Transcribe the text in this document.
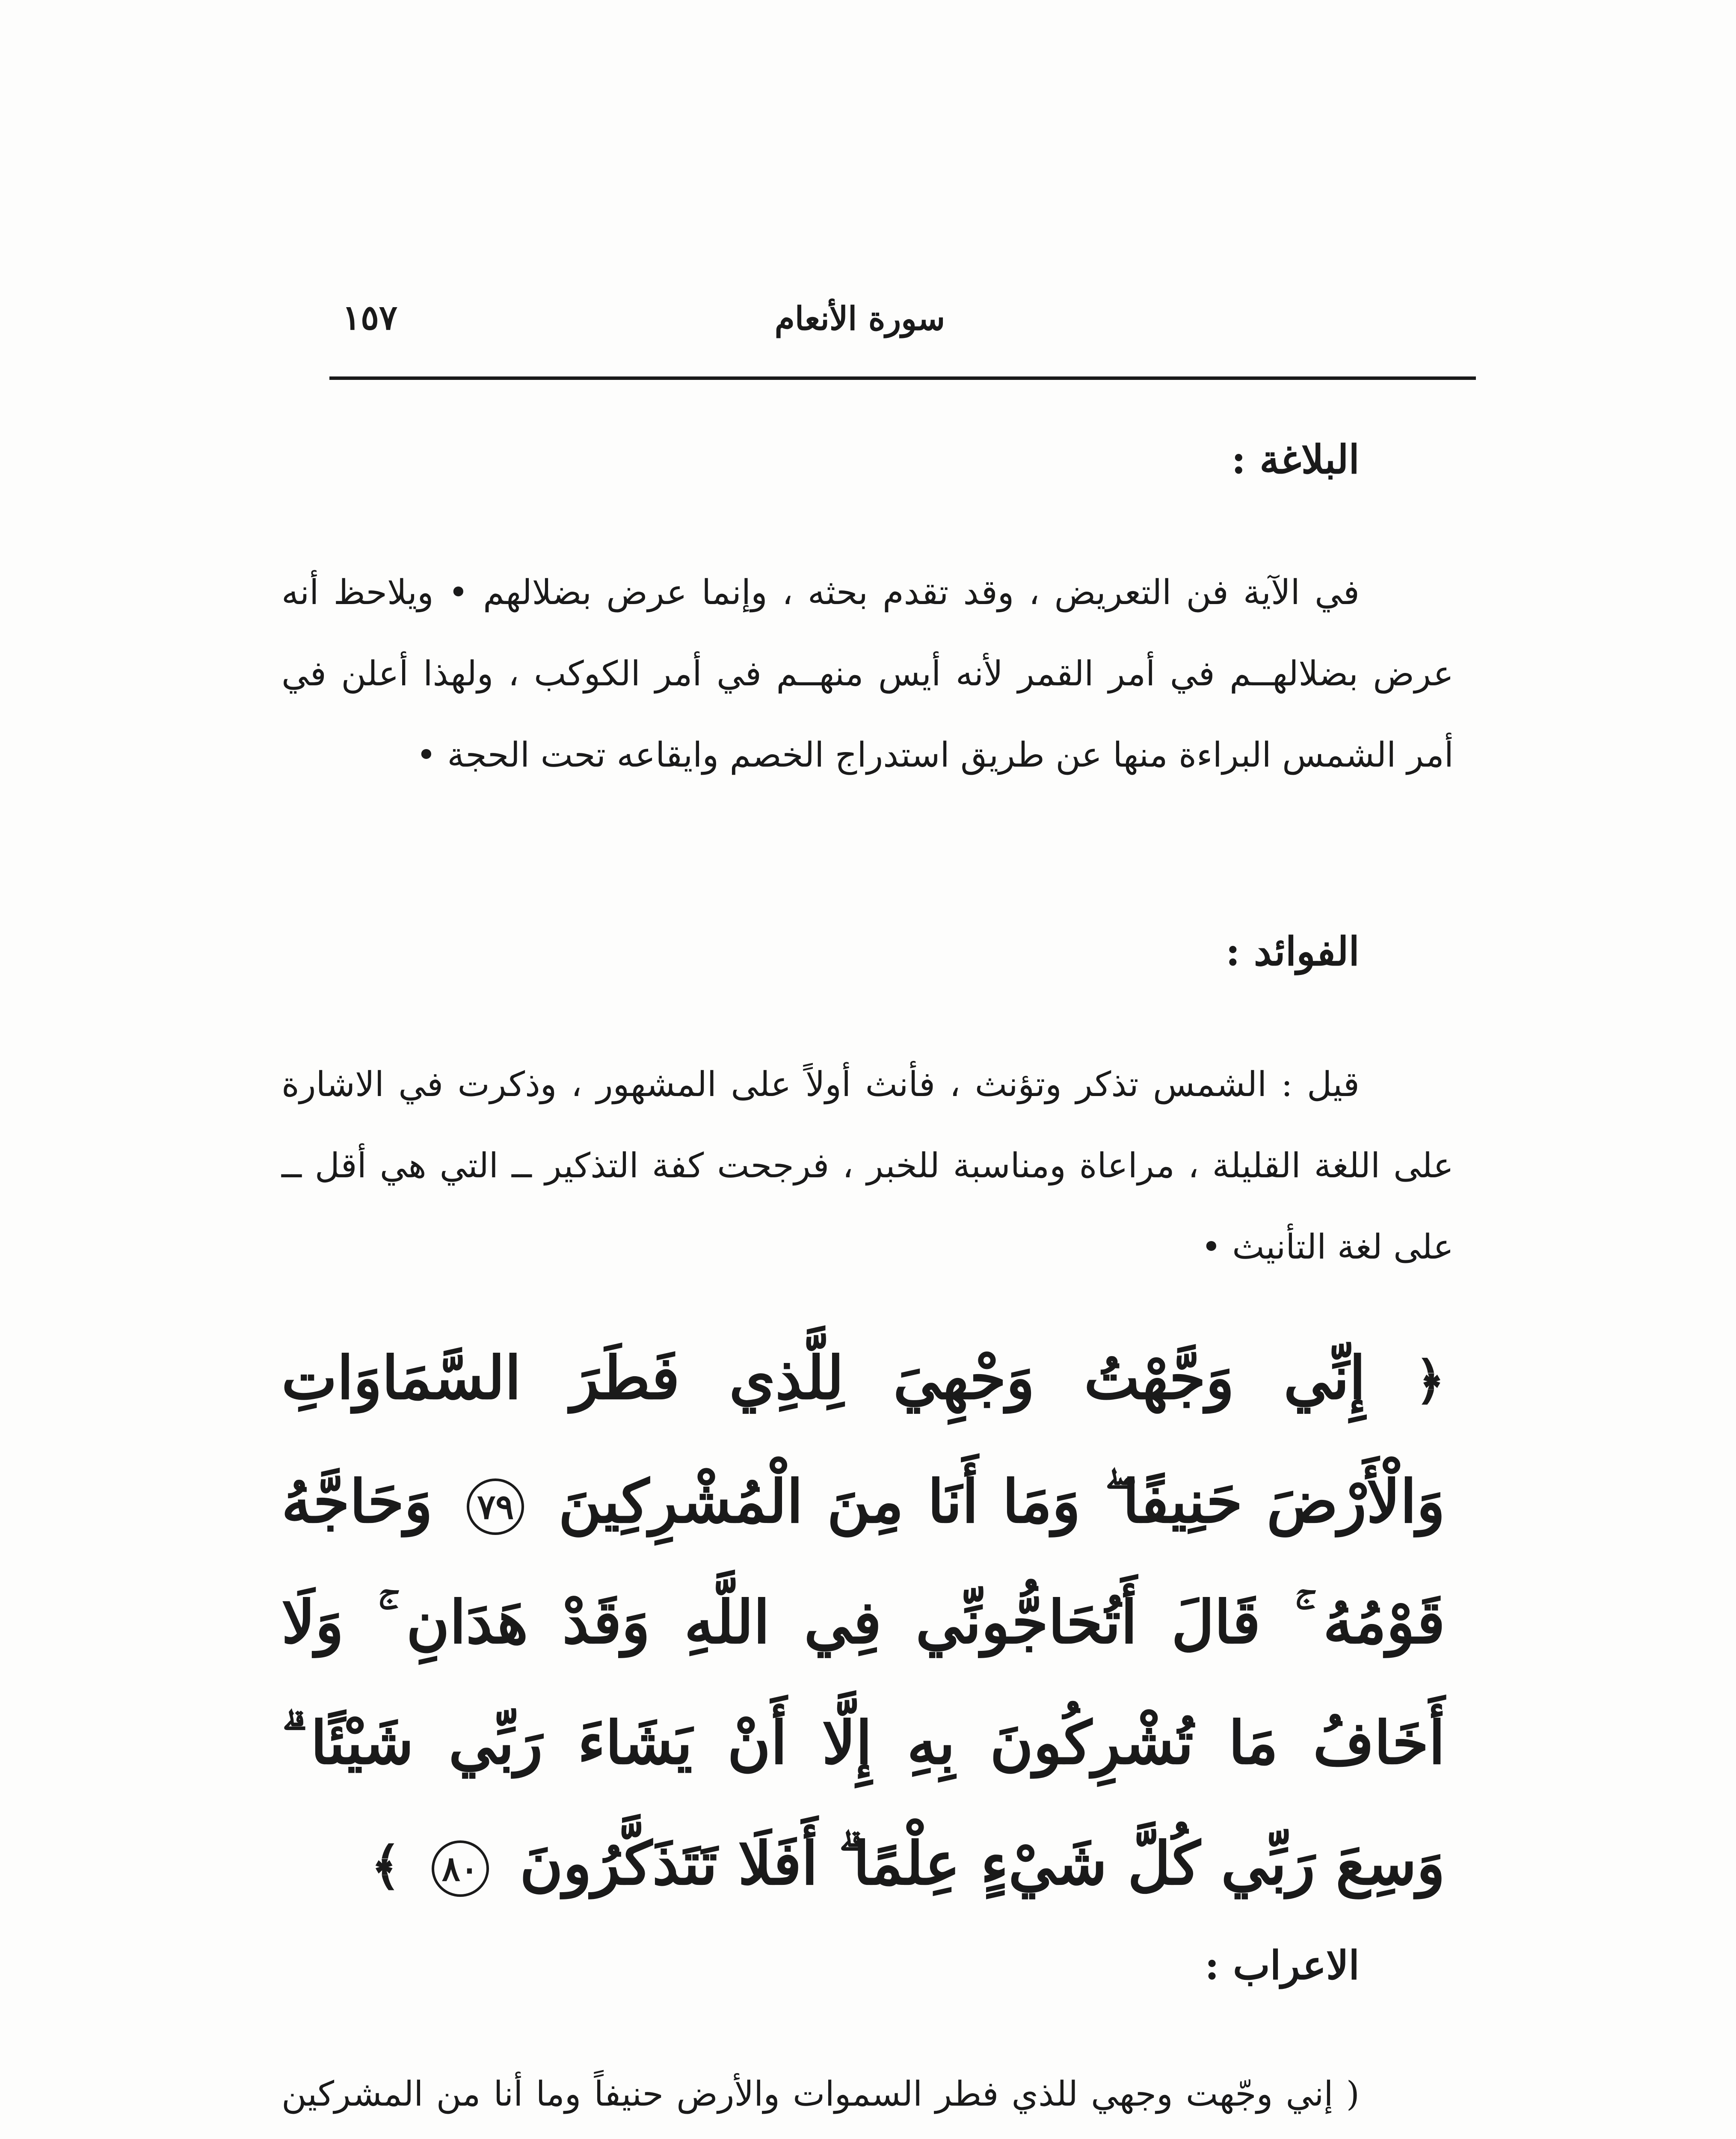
١٥٧	سورة الأنعام
البلاغة :

في الآية فن التعريض ، وقد تقدم بحثه ، وإنما عرض بضلالهم • ويلاحظ أنه عرض بضلالهــم في أمر القمر لأنه أيس منهــم في أمر الكوكب ، ولهذا أعلن في أمر الشمس البراءة منها عن طريق استدراج الخصم وايقاعه تحت الحجة •

الفوائد :

قيل : الشمس تذكر وتؤنث ، فأنث أولاً على المشهور ، وذكرت في الاشارة على اللغة القليلة ، مراعاة ومناسبة للخبر ، فرجحت كفة التذكير ــ التي هي أقل ــ على لغة التأنيث •

﴿ إِنِّي وَجَّهْتُ وَجْهِيَ لِلَّذِي فَطَرَ السَّمَاوَاتِ وَالْأَرْضَ حَنِيفًا ۖ وَمَا أَنَا مِنَ الْمُشْرِكِينَ ٧٩ وَحَاجَّهُ قَوْمُهُ ۚ قَالَ أَتُحَاجُّونِّي فِي اللَّهِ وَقَدْ هَدَانِ ۚ وَلَا أَخَافُ مَا تُشْرِكُونَ بِهِ إِلَّا أَنْ يَشَاءَ رَبِّي شَيْئًا ۗ وَسِعَ رَبِّي كُلَّ شَيْءٍ عِلْمًا ۗ أَفَلَا تَتَذَكَّرُونَ ٨٠ ﴾
الاعراب :

( إني وجّهت وجهي للذي فطر السموات والأرض حنيفاً وما أنا من المشركين
